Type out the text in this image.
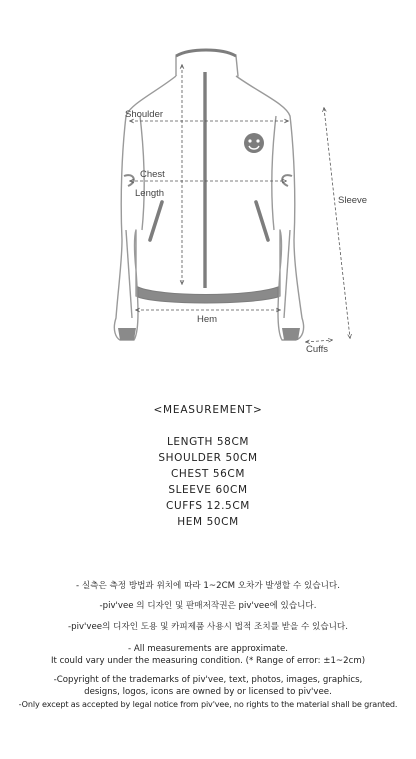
Shoulder
Chest
Length
Sleeve
Hem
Cuffs
<MEASUREMENT>
LENGTH 58CM
SHOULDER 50CM
CHEST 56CM
SLEEVE 60CM
CUFFS 12.5CM
HEM 50CM

- 실측은 측정 방법과 위치에 따라 1~2CM 오차가 발생할 수 있습니다.

-piv'vee 의 디자인 및 판매저작권은 piv'vee에 있습니다.

-piv'vee의 디자인 도용 및 카피제품 사용시 법적 조치를 받을 수 있습니다.

- All measurements are approximate.

It could vary under the measuring condition. (* Range of error: ±1~2cm)

-Copyright of the trademarks of piv'vee, text, photos, images, graphics,

designs, logos, icons are owned by or licensed to piv'vee.

-Only except as accepted by legal notice from piv'vee, no rights to the material shall be granted.
